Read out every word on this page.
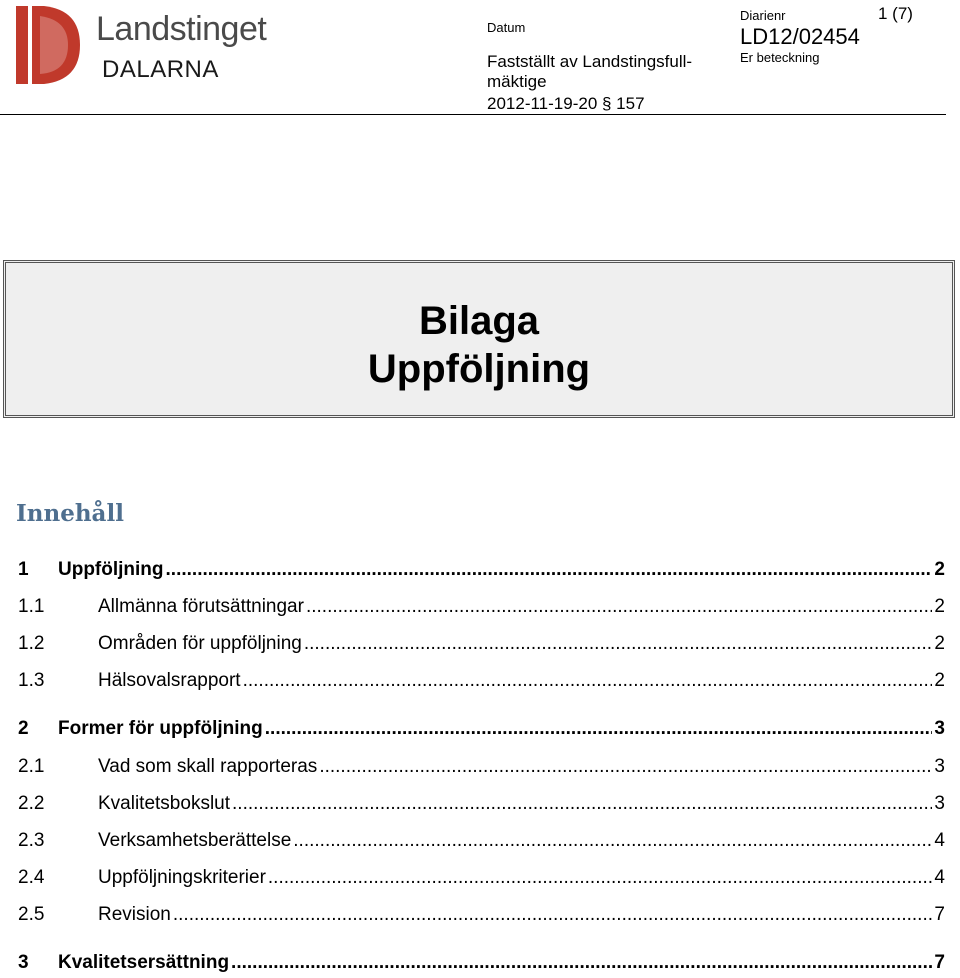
Landstinget
DALARNA
Datum
Fastställt av Landstingsfull-
mäktige
2012-11-19-20 § 157
Diarienr
LD12/02454
Er beteckning
1 (7)
Bilaga
Uppföljning
Innehåll
1	Uppföljning .....	2
1.1	Allmänna förutsättningar .....	2
1.2	Områden för uppföljning .....	2
1.3	Hälsovalsrapport .....	2
2	Former för uppföljning .....	3
2.1	Vad som skall rapporteras .....	3
2.2	Kvalitetsbokslut .....	3
2.3	Verksamhetsberättelse .....	4
2.4	Uppföljningskriterier .....	4
2.5	Revision .....	7
3	Kvalitetsersättning .....	7
